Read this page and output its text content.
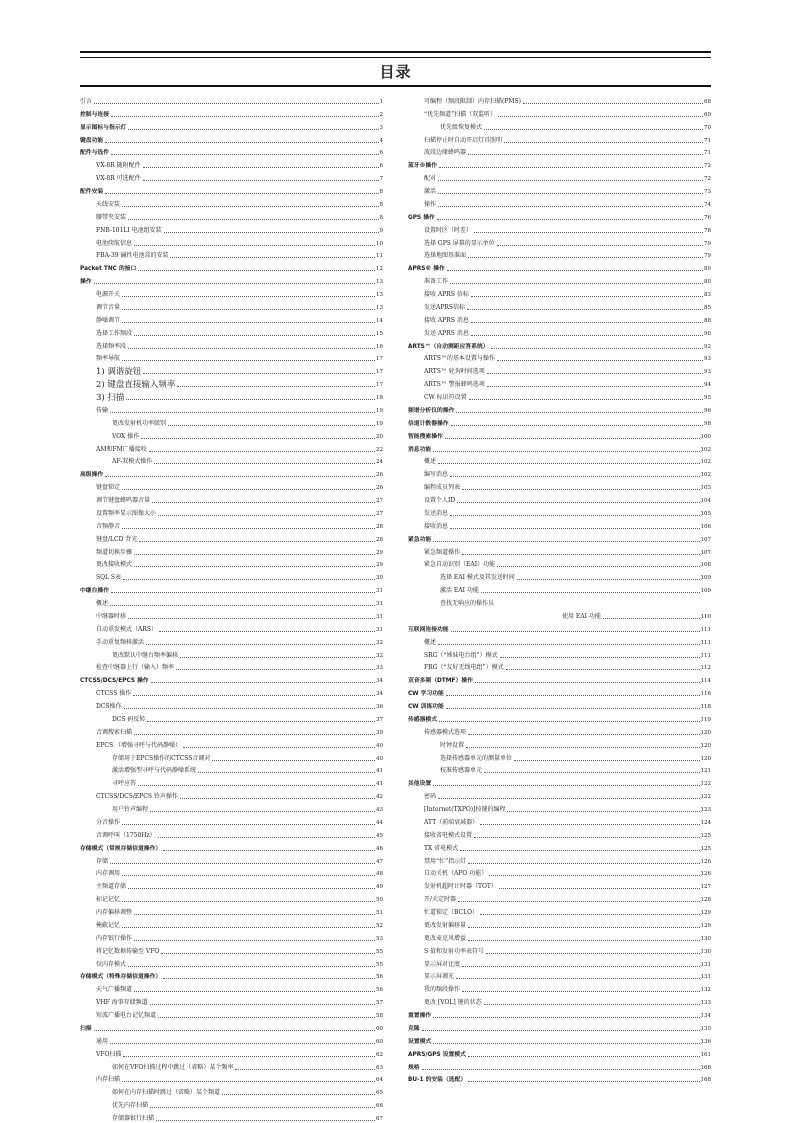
目录
引言	1
控制与连接	2
显示图标与指示灯	3
键盘功能	4
配件与选件	6
VX-8R 随附配件	6
VX-8R 可选配件	7
配件安装	8
天线安装	8
腰带夹安装	8
FNB-101LI 电池组安装	9
电池续航信息	10
FBA-39 碱性电池盒的安装	11
Packet TNC 的接口	12
操作	13
电源开关	13
调节音量	13
静噪调节	14
选择工作频段	15
选择频率段	16
频率导航	17
1) 调谐旋钮	17
2) 键盘直接输入频率	17
3) 扫描	18
传输	19
更改发射机功率级别	19
VOX 操作	20
AM和FM广播接收	22
AF-双模式操作	24
高级操作	26
键盘锁定	26
调节键盘蜂鸣器音量	27
设置频率显示图像大小	27
音频静音	28
键盘/LCD 背光	28
频道切换步骤	29
更改接收模式	29
SQL S表	30
中继台操作	31
概述	31
中继器时移	31
自动重发模式（ARS）	31
手动重复频移激活	32
更改默认中继台频率偏移	32
检查中继器上行（输入）频率	33
CTCSS/DCS/EPCS 操作	34
CTCSS 操作	34
DCS操作	36
DCS 码反转	37
音调搜索扫描	39
EPCS （增强寻呼与代码静噪）	40
存储用于EPCS操作的CTCSS音调对	40
激活增强型寻呼与代码静噪系统	41
寻呼应答	41
CTCSS/DCS/EPCS 铃声操作	42
用户铃声编程	43
分音操作	44
音调呼叫（1750Hz）	45
存储模式（常规存储信道操作）	46
存储	47
内存调用	48
主频道存储	49
标记记忆	50
内存偏移调整	51
掩蔽记忆	52
内存银行操作	53
将记忆数据传输至 VFO	55
仅内存模式	55
存储模式（特殊存储信道操作）	56
天气广播频道	56
VHF 海事存储频道	57
短波广播电台记忆频道	58
扫描	60
通用	60
VFO扫描	62
如何在VFO扫描过程中跳过（省略）某个频率	63
内存扫描	64
如何在内存扫描时跳过（省略）某个频道	65
优先内存扫描	66
存储器银行扫描	67
可编程（频段限制）内存扫描(PMS)	68
“优先频道”扫描（双监听）	69
优先级恢复模式	70
扫描停止时自动开启灯具照明	71
波段边缘蜂鸣器	71
蓝牙®操作	72
配对	72
激活	73
操作	74
GPS 操作	76
设置时区（时差）	78
选择 GPS 屏幕的显示单位	79
选择地图基准面	79
APRS® 操作	80
准备工作	80
接收 APRS 信标	83
发送APRS信标	85
接收 APRS 消息	88
发送 APRS 消息	90
ARTS™（自动测距应答系统）	92
ARTS™的基本设置与操作	93
ARTS™ 轮询时间选项	93
ARTS™ 警报蜂鸣选项	94
CW 标识符设置	95
频谱分析仪的操作	96
信道计数器操作	98
智能搜索操作	100
消息功能	102
概述	102
编写消息	102
编程成员列表	103
设置个人ID	104
发送消息	105
接收消息	106
紧急功能	107
紧急频道操作	107
紧急自动识别（EAI）功能	108
选择 EAI 模式及其发送时间	109
激活 EAI 功能	109
查找无响应的操作员
使用 EAI 功能	110
互联网连接功能	111
概述	111
SRG（“姊妹电台组”）模式	111
FRG（“友好无线电组”）模式	112
双音多频（DTMF）操作	114
CW 学习功能	116
CW 训练功能	118
传感器模式	119
传感器模式选项	120
时钟设置	120
选择传感器单元的测量单位	120
校准传感器单元	121
其他设置	122
密码	122
[Internet(TXPO)]按键的编程	123
ATT（前端衰减器）	124
接收省电模式设置	125
TX 省电模式	125
禁用“忙”指示灯	126
自动关机（APO 功能）	126
发射机超时计时器（TOT）	127
开/关定时器	128
忙道锁定（BCLO）	129
更改发射偏移量	129
更改麦克风增益	130
S 值和发射功率表符号	130
显示屏对比度	131
显示屏调光	131
我的频段操作	132
更改 [VOL] 键的状态	133
重置操作	134
克隆	135
设置模式	136
APRS/GPS 设置模式	161
规格	166
BU-1 的安装（选配）	168
